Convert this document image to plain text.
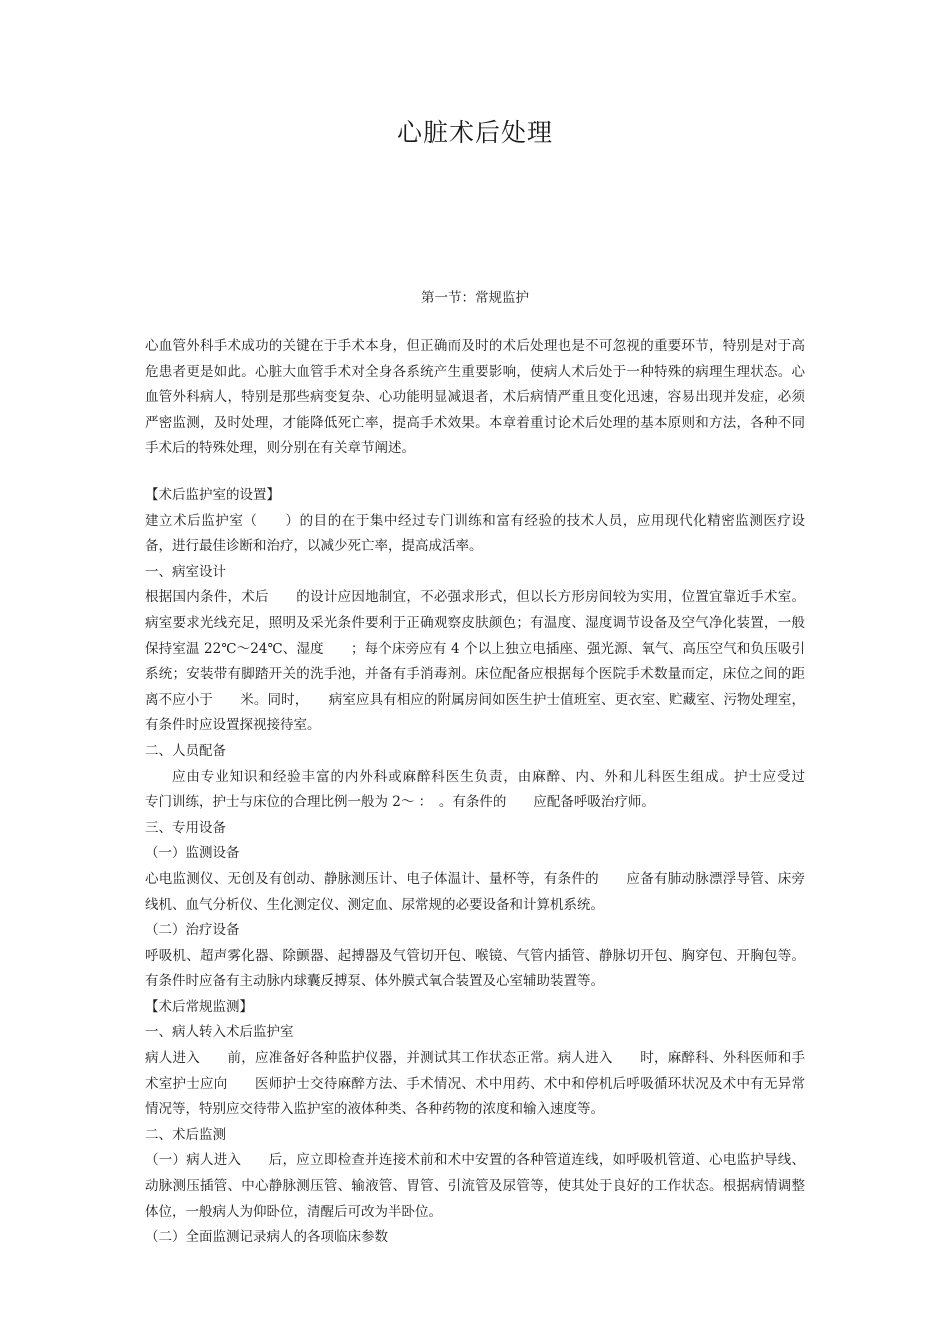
心脏术后处理
第一节：常规监护

心血管外科手术成功的关键在于手术本身，但正确而及时的术后处理也是不可忽视的重要环节，特别是对于高危患者更是如此。心脏大血管手术对全身各系统产生重要影响，使病人术后处于一种特殊的病理生理状态。心血管外科病人，特别是那些病变复杂、心功能明显减退者，术后病情严重且变化迅速，容易出现并发症，必须严密监测，及时处理，才能降低死亡率，提高手术效果。本章着重讨论术后处理的基本原则和方法，各种不同手术后的特殊处理，则分别在有关章节阐述。

【术后监护室的设置】

建立术后监护室（　　）的目的在于集中经过专门训练和富有经验的技术人员，应用现代化精密监测医疗设备，进行最佳诊断和治疗，以减少死亡率，提高成活率。

一、病室设计

根据国内条件，术后　　的设计应因地制宜，不必强求形式，但以长方形房间较为实用，位置宜靠近手术室。病室要求光线充足，照明及采光条件要利于正确观察皮肤颜色；有温度、湿度调节设备及空气净化装置，一般保持室温 22℃～24℃、湿度　　；每个床旁应有 4 个以上独立电插座、强光源、氧气、高压空气和负压吸引系统；安装带有脚踏开关的洗手池，并备有手消毒剂。床位配备应根据每个医院手术数量而定，床位之间的距离不应小于　　米。同时，　　病室应具有相应的附属房间如医生护士值班室、更衣室、贮藏室、污物处理室，有条件时应设置探视接待室。

二、人员配备

应由专业知识和经验丰富的内外科或麻醉科医生负责，由麻醉、内、外和儿科医生组成。护士应受过　　专门训练，护士与床位的合理比例一般为 2～ ：　。有条件的　　应配备呼吸治疗师。

三、专用设备

（一）监测设备

心电监测仪、无创及有创动、静脉测压计、电子体温计、量杯等，有条件的　　应备有肺动脉漂浮导管、床旁　线机、血气分析仪、生化测定仪、测定血、尿常规的必要设备和计算机系统。

（二）治疗设备

呼吸机、超声雾化器、除颤器、起搏器及气管切开包、喉镜、气管内插管、静脉切开包、胸穿包、开胸包等。有条件时应备有主动脉内球囊反搏泵、体外膜式氧合装置及心室辅助装置等。

【术后常规监测】

一、病人转入术后监护室

病人进入　　前，应准备好各种监护仪器，并测试其工作状态正常。病人进入　　时，麻醉科、外科医师和手术室护士应向　　医师护士交待麻醉方法、手术情况、术中用药、术中和停机后呼吸循环状况及术中有无异常情况等，特别应交待带入监护室的液体种类、各种药物的浓度和输入速度等。

二、术后监测

（一）病人进入　　后，应立即检查并连接术前和术中安置的各种管道连线，如呼吸机管道、心电监护导线、动脉测压插管、中心静脉测压管、输液管、胃管、引流管及尿管等，使其处于良好的工作状态。根据病情调整体位，一般病人为仰卧位，清醒后可改为半卧位。

（二）全面监测记录病人的各项临床参数
